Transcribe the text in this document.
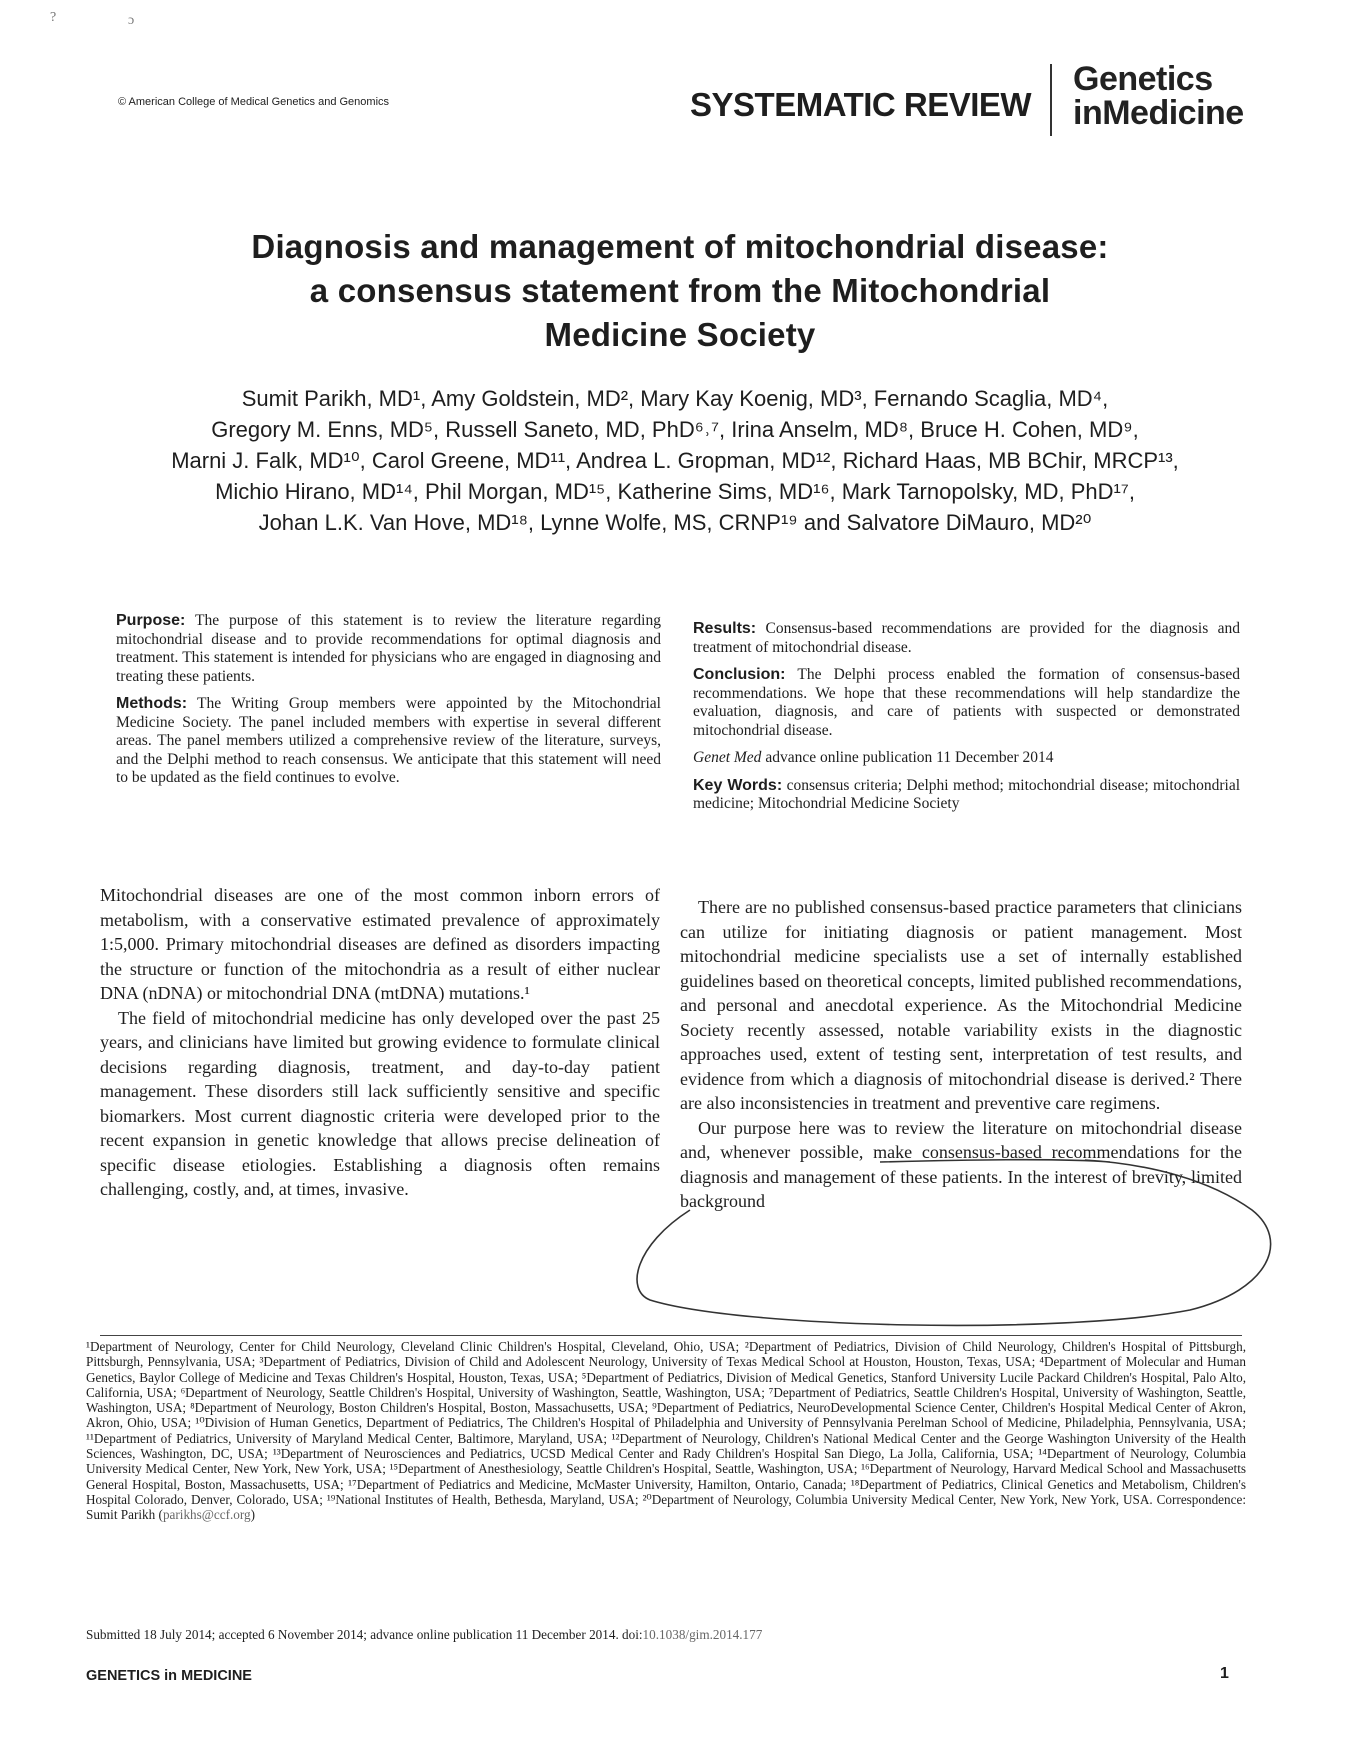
?	ɔ
© American College of Medical Genetics and Genomics	SYSTEMATIC REVIEW
Genetics
inMedicine
Diagnosis and management of mitochondrial disease:
a consensus statement from the Mitochondrial
Medicine Society
Sumit Parikh, MD¹, Amy Goldstein, MD², Mary Kay Koenig, MD³, Fernando Scaglia, MD⁴,
Gregory M. Enns, MD⁵, Russell Saneto, MD, PhD⁶˒⁷, Irina Anselm, MD⁸, Bruce H. Cohen, MD⁹,
Marni J. Falk, MD¹⁰, Carol Greene, MD¹¹, Andrea L. Gropman, MD¹², Richard Haas, MB BChir, MRCP¹³,
Michio Hirano, MD¹⁴, Phil Morgan, MD¹⁵, Katherine Sims, MD¹⁶, Mark Tarnopolsky, MD, PhD¹⁷,
Johan L.K. Van Hove, MD¹⁸, Lynne Wolfe, MS, CRNP¹⁹ and Salvatore DiMauro, MD²⁰

Purpose: The purpose of this statement is to review the literature regarding mitochondrial disease and to provide recommendations for optimal diagnosis and treatment. This statement is intended for physicians who are engaged in diagnosing and treating these patients.

Methods: The Writing Group members were appointed by the Mitochondrial Medicine Society. The panel included members with expertise in several different areas. The panel members utilized a comprehensive review of the literature, surveys, and the Delphi method to reach consensus. We anticipate that this statement will need to be updated as the field continues to evolve.

Results: Consensus-based recommendations are provided for the diagnosis and treatment of mitochondrial disease.

Conclusion: The Delphi process enabled the formation of consensus-based recommendations. We hope that these recommendations will help standardize the evaluation, diagnosis, and care of patients with suspected or demonstrated mitochondrial disease.

Genet Med advance online publication 11 December 2014

Key Words: consensus criteria; Delphi method; mitochondrial disease; mitochondrial medicine; Mitochondrial Medicine Society

Mitochondrial diseases are one of the most common inborn errors of metabolism, with a conservative estimated prevalence of approximately 1:5,000. Primary mitochondrial diseases are defined as disorders impacting the structure or function of the mitochondria as a result of either nuclear DNA (nDNA) or mitochondrial DNA (mtDNA) mutations.¹

The field of mitochondrial medicine has only developed over the past 25 years, and clinicians have limited but growing evidence to formulate clinical decisions regarding diagnosis, treatment, and day-to-day patient management. These disorders still lack sufficiently sensitive and specific biomarkers. Most current diagnostic criteria were developed prior to the recent expansion in genetic knowledge that allows precise delineation of specific disease etiologies. Establishing a diagnosis often remains challenging, costly, and, at times, invasive.

There are no published consensus-based practice parameters that clinicians can utilize for initiating diagnosis or patient management. Most mitochondrial medicine specialists use a set of internally established guidelines based on theoretical concepts, limited published recommendations, and personal and anecdotal experience. As the Mitochondrial Medicine Society recently assessed, notable variability exists in the diagnostic approaches used, extent of testing sent, interpretation of test results, and evidence from which a diagnosis of mitochondrial disease is derived.² There are also inconsistencies in treatment and preventive care regimens.

Our purpose here was to review the literature on mitochondrial disease and, whenever possible, make consensus-based recommendations for the diagnosis and management of these patients. In the interest of brevity, limited background

¹Department of Neurology, Center for Child Neurology, Cleveland Clinic Children's Hospital, Cleveland, Ohio, USA; ²Department of Pediatrics, Division of Child Neurology, Children's Hospital of Pittsburgh, Pittsburgh, Pennsylvania, USA; ³Department of Pediatrics, Division of Child and Adolescent Neurology, University of Texas Medical School at Houston, Houston, Texas, USA; ⁴Department of Molecular and Human Genetics, Baylor College of Medicine and Texas Children's Hospital, Houston, Texas, USA; ⁵Department of Pediatrics, Division of Medical Genetics, Stanford University Lucile Packard Children's Hospital, Palo Alto, California, USA; ⁶Department of Neurology, Seattle Children's Hospital, University of Washington, Seattle, Washington, USA; ⁷Department of Pediatrics, Seattle Children's Hospital, University of Washington, Seattle, Washington, USA; ⁸Department of Neurology, Boston Children's Hospital, Boston, Massachusetts, USA; ⁹Department of Pediatrics, NeuroDevelopmental Science Center, Children's Hospital Medical Center of Akron, Akron, Ohio, USA; ¹⁰Division of Human Genetics, Department of Pediatrics, The Children's Hospital of Philadelphia and University of Pennsylvania Perelman School of Medicine, Philadelphia, Pennsylvania, USA; ¹¹Department of Pediatrics, University of Maryland Medical Center, Baltimore, Maryland, USA; ¹²Department of Neurology, Children's National Medical Center and the George Washington University of the Health Sciences, Washington, DC, USA; ¹³Department of Neurosciences and Pediatrics, UCSD Medical Center and Rady Children's Hospital San Diego, La Jolla, California, USA; ¹⁴Department of Neurology, Columbia University Medical Center, New York, New York, USA; ¹⁵Department of Anesthesiology, Seattle Children's Hospital, Seattle, Washington, USA; ¹⁶Department of Neurology, Harvard Medical School and Massachusetts General Hospital, Boston, Massachusetts, USA; ¹⁷Department of Pediatrics and Medicine, McMaster University, Hamilton, Ontario, Canada; ¹⁸Department of Pediatrics, Clinical Genetics and Metabolism, Children's Hospital Colorado, Denver, Colorado, USA; ¹⁹National Institutes of Health, Bethesda, Maryland, USA; ²⁰Department of Neurology, Columbia University Medical Center, New York, New York, USA. Correspondence: Sumit Parikh (parikhs@ccf.org)
Submitted 18 July 2014; accepted 6 November 2014; advance online publication 11 December 2014. doi:10.1038/gim.2014.177
GENETICS in MEDICINE	1
